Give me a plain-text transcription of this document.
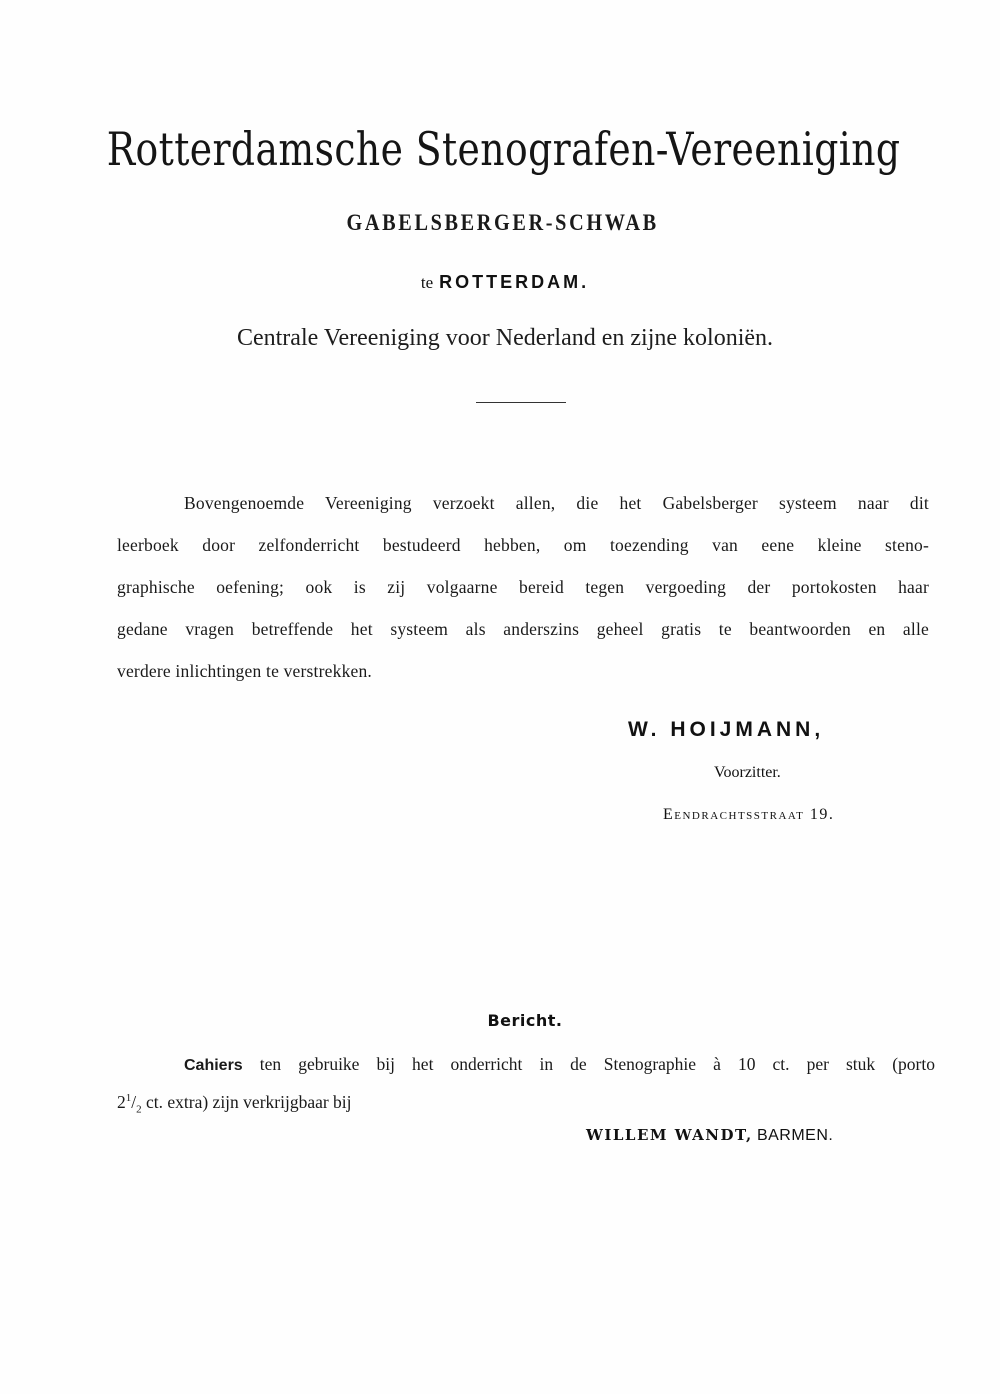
Rotterdamsche Stenografen-Vereeniging
GABELSBERGER-SCHWAB
te ROTTERDAM.
Centrale Vereeniging voor Nederland en zijne koloniën.
Bovengenoemde Vereeniging verzoekt allen, die het Gabelsberger systeem naar dit
leerboek door zelfonderricht bestudeerd hebben, om toezending van eene kleine steno-
graphische oefening; ook is zij volgaarne bereid tegen vergoeding der portokosten haar
gedane vragen betreffende het systeem als anderszins geheel gratis te beantwoorden en alle
verdere inlichtingen te verstrekken.
W. HOIJMANN,
Voorzitter.
Eendrachtsstraat 19.
Bericht.
Cahiers ten gebruike bij het onderricht in de Stenographie à 10 ct. per stuk (porto
$2^1/_2$ ct. extra) zijn verkrijgbaar bij
WILLEM WANDT, BARMEN.
